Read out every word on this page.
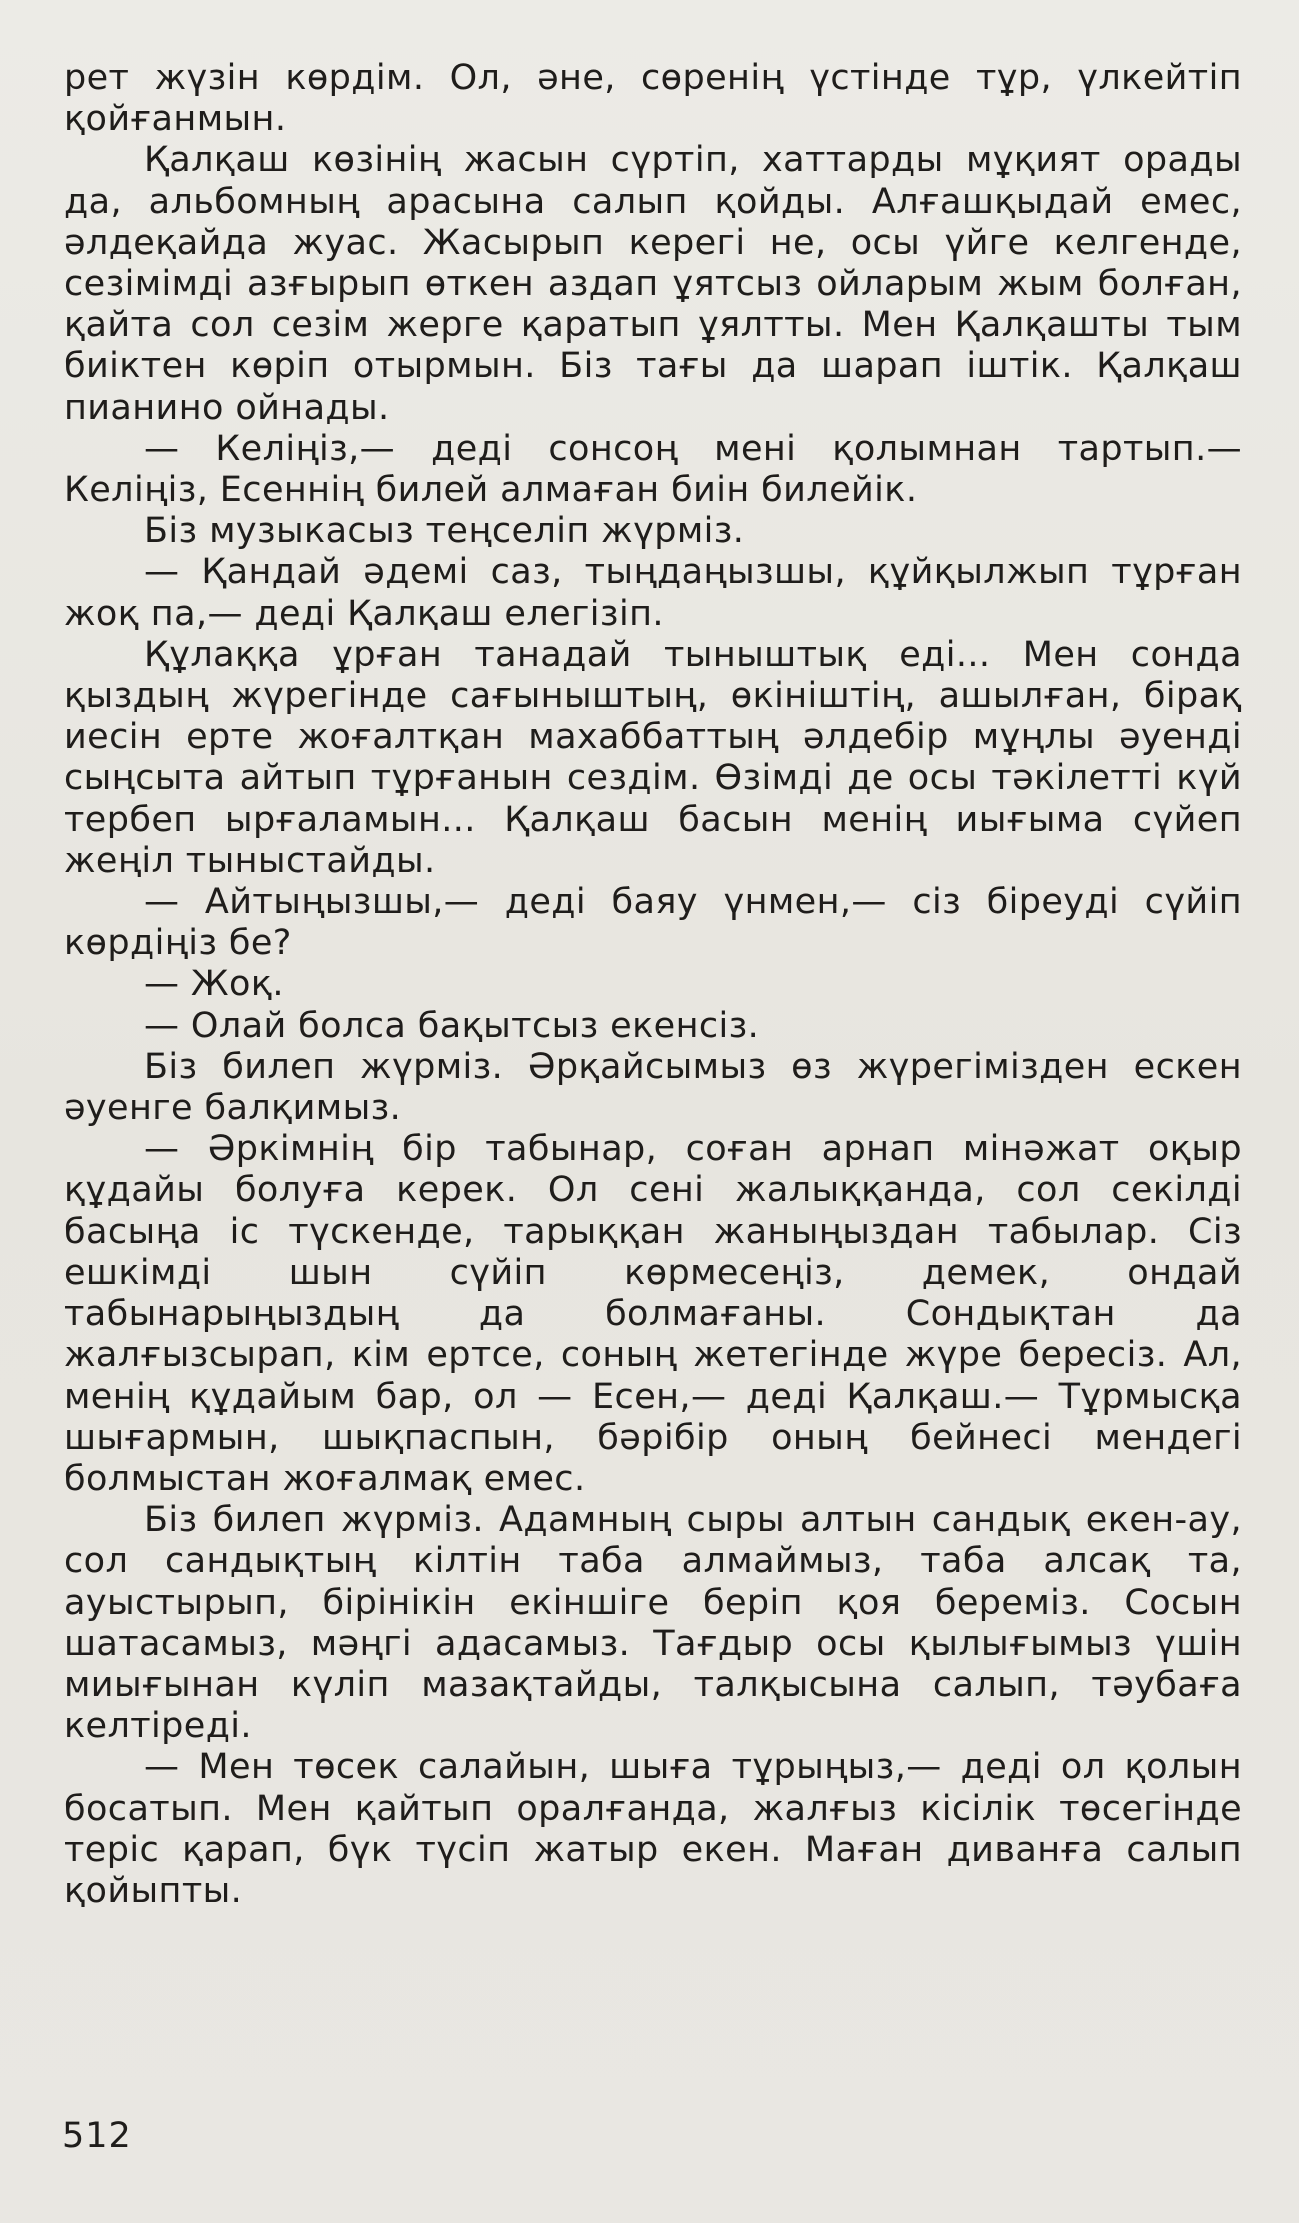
рет жүзін көрдім. Ол, әне, сөренің үстінде тұр, үлкейтіп қойғанмын.

Қалқаш көзінің жасын сүртіп, хаттарды мұқият орады да, альбомның арасына салып қойды. Алғашқыдай емес, әлдеқайда жуас. Жасырып керегі не, осы үйге келгенде, сезімімді азғырып өткен аздап ұятсыз ойларым жым болған, қайта сол сезім жерге қаратып ұялтты. Мен Қалқашты тым биіктен көріп отырмын. Біз тағы да шарап іштік. Қалқаш пианино ойнады.

— Келіңіз,— деді сонсоң мені қолымнан тартып.— Келіңіз, Есеннің билей алмаған биін билейік.

Біз музыкасыз теңселіп жүрміз.

— Қандай әдемі саз, тыңдаңызшы, құйқылжып тұрған жоқ па,— деді Қалқаш елегізіп.

Құлаққа ұрған танадай тыныштық еді... Мен сонда қыздың жүрегінде сағыныштың, өкініштің, ашылған, бірақ иесін ерте жоғалтқан махаббаттың әлдебір мұңлы әуенді сыңсыта айтып тұрғанын сездім. Өзімді де осы тәкілетті күй тербеп ырғаламын... Қалқаш басын менің иығыма сүйеп жеңіл тыныстайды.

— Айтыңызшы,— деді баяу үнмен,— сіз біреуді сүйіп көрдіңіз бе?

— Жоқ.

— Олай болса бақытсыз екенсіз.

Біз билеп жүрміз. Әрқайсымыз өз жүрегімізден ескен әуенге балқимыз.

— Әркімнің бір табынар, соған арнап мінәжат оқыр құдайы болуға керек. Ол сені жалыққанда, сол секілді басыңа іс түскенде, тарыққан жаныңыздан табылар. Сіз ешкімді шын сүйіп көрмесеңіз, демек, ондай табынарыңыздың да болмағаны. Сондықтан да жалғызсырап, кім ертсе, соның жетегінде жүре бересіз. Ал, менің құдайым бар, ол — Есен,— деді Қалқаш.— Тұрмысқа шығармын, шықпаспын, бәрібір оның бейнесі мендегі болмыстан жоғалмақ емес.

Біз билеп жүрміз. Адамның сыры алтын сандық екен-ау, сол сандықтың кілтін таба алмаймыз, таба алсақ та, ауыстырып, бірінікін екіншіге беріп қоя береміз. Сосын шатасамыз, мәңгі адасамыз. Тағдыр осы қылығымыз үшін миығынан күліп мазақтайды, талқысына салып, тәубаға келтіреді.

— Мен төсек салайын, шыға тұрыңыз,— деді ол қолын босатып. Мен қайтып оралғанда, жалғыз кісілік төсегінде теріс қарап, бүк түсіп жатыр екен. Маған диванға салып қойыпты.

512
